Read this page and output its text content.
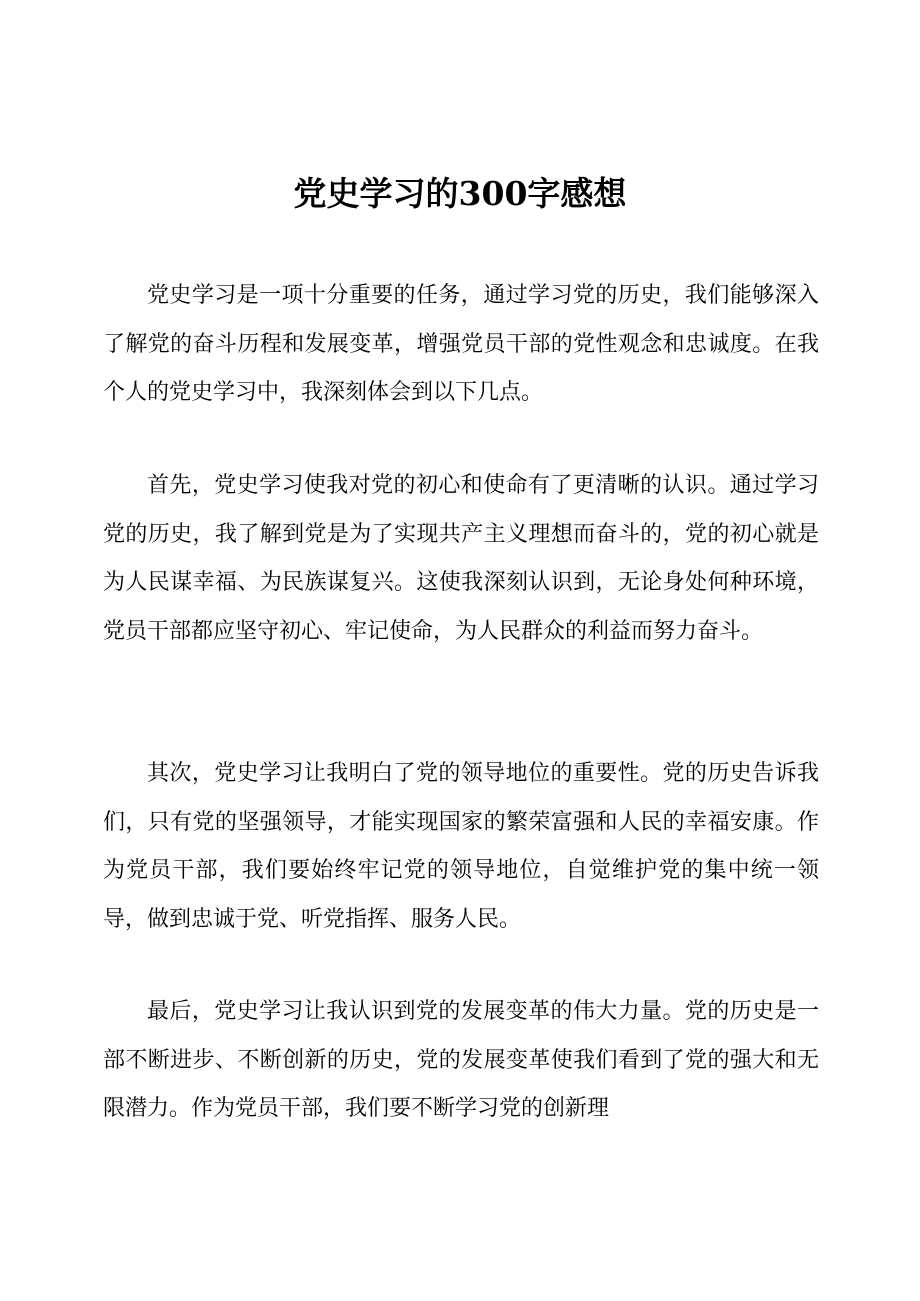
党史学习的300字感想

党史学习是一项十分重要的任务，通过学习党的历史，我们能够深入了解党的奋斗历程和发展变革，增强党员干部的党性观念和忠诚度。在我个人的党史学习中，我深刻体会到以下几点。

首先，党史学习使我对党的初心和使命有了更清晰的认识。通过学习党的历史，我了解到党是为了实现共产主义理想而奋斗的，党的初心就是为人民谋幸福、为民族谋复兴。这使我深刻认识到，无论身处何种环境，党员干部都应坚守初心、牢记使命，为人民群众的利益而努力奋斗。

其次，党史学习让我明白了党的领导地位的重要性。党的历史告诉我们，只有党的坚强领导，才能实现国家的繁荣富强和人民的幸福安康。作为党员干部，我们要始终牢记党的领导地位，自觉维护党的集中统一领导，做到忠诚于党、听党指挥、服务人民。

最后，党史学习让我认识到党的发展变革的伟大力量。党的历史是一部不断进步、不断创新的历史，党的发展变革使我们看到了党的强大和无限潜力。作为党员干部，我们要不断学习党的创新理
